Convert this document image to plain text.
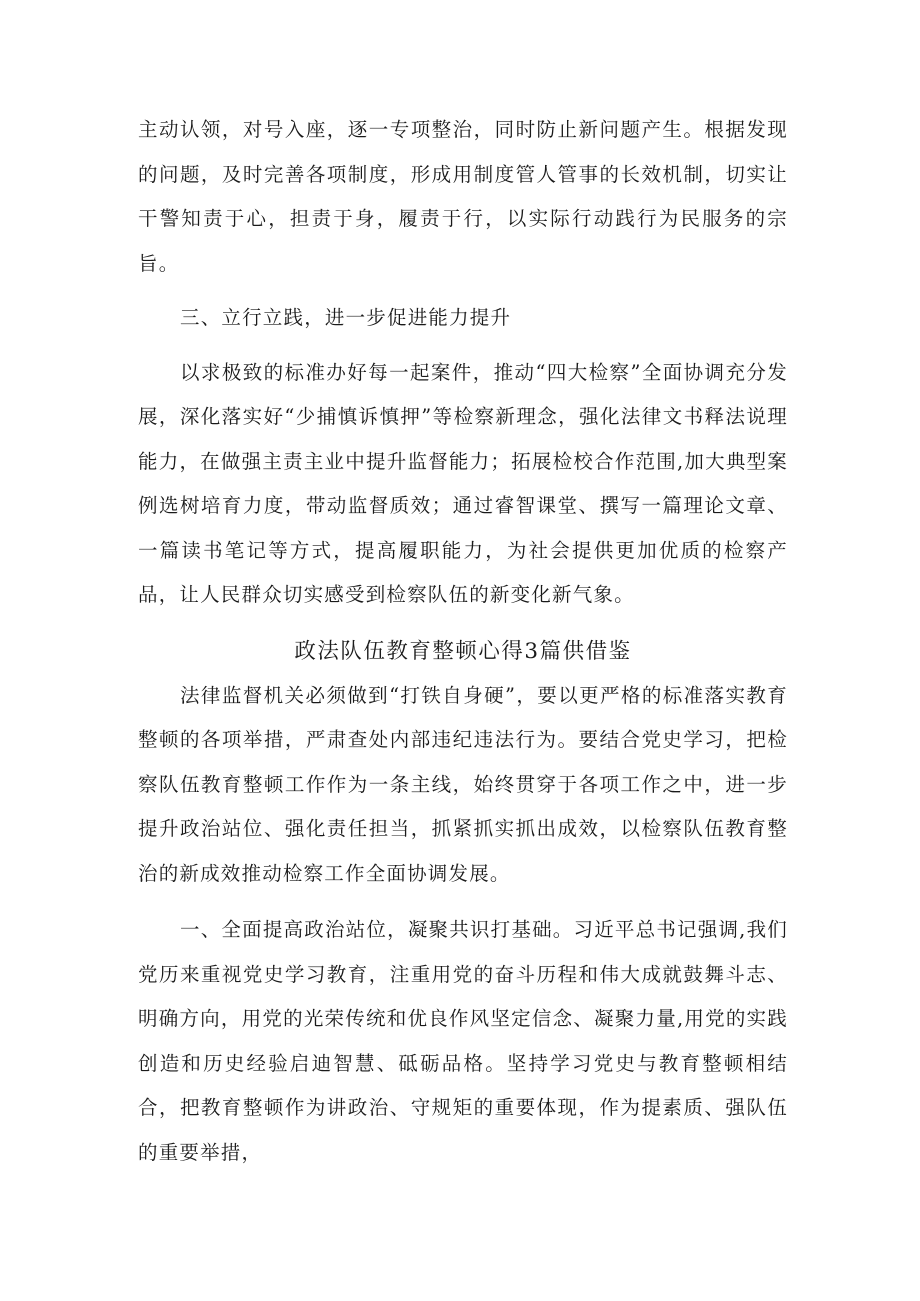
主动认领，对号入座，逐一专项整治，同时防止新问题产生。根据发现的问题，及时完善各项制度，形成用制度管人管事的长效机制，切实让干警知责于心，担责于身，履责于行，以实际行动践行为民服务的宗旨。

三、立行立践，进一步促进能力提升

以求极致的标准办好每一起案件，推动“四大检察”全面协调充分发展，深化落实好“少捕慎诉慎押”等检察新理念，强化法律文书释法说理能力，在做强主责主业中提升监督能力；拓展检校合作范围,加大典型案例选树培育力度，带动监督质效；通过睿智课堂、撰写一篇理论文章、一篇读书笔记等方式，提高履职能力，为社会提供更加优质的检察产品，让人民群众切实感受到检察队伍的新变化新气象。

政法队伍教育整顿心得3篇供借鉴

法律监督机关必须做到“打铁自身硬”，要以更严格的标准落实教育整顿的各项举措，严肃查处内部违纪违法行为。要结合党史学习，把检察队伍教育整顿工作作为一条主线，始终贯穿于各项工作之中，进一步提升政治站位、强化责任担当，抓紧抓实抓出成效，以检察队伍教育整治的新成效推动检察工作全面协调发展。

一、全面提高政治站位，凝聚共识打基础。习近平总书记强调,我们党历来重视党史学习教育，注重用党的奋斗历程和伟大成就鼓舞斗志、明确方向，用党的光荣传统和优良作风坚定信念、凝聚力量,用党的实践创造和历史经验启迪智慧、砥砺品格。坚持学习党史与教育整顿相结合，把教育整顿作为讲政治、守规矩的重要体现，作为提素质、强队伍的重要举措，
